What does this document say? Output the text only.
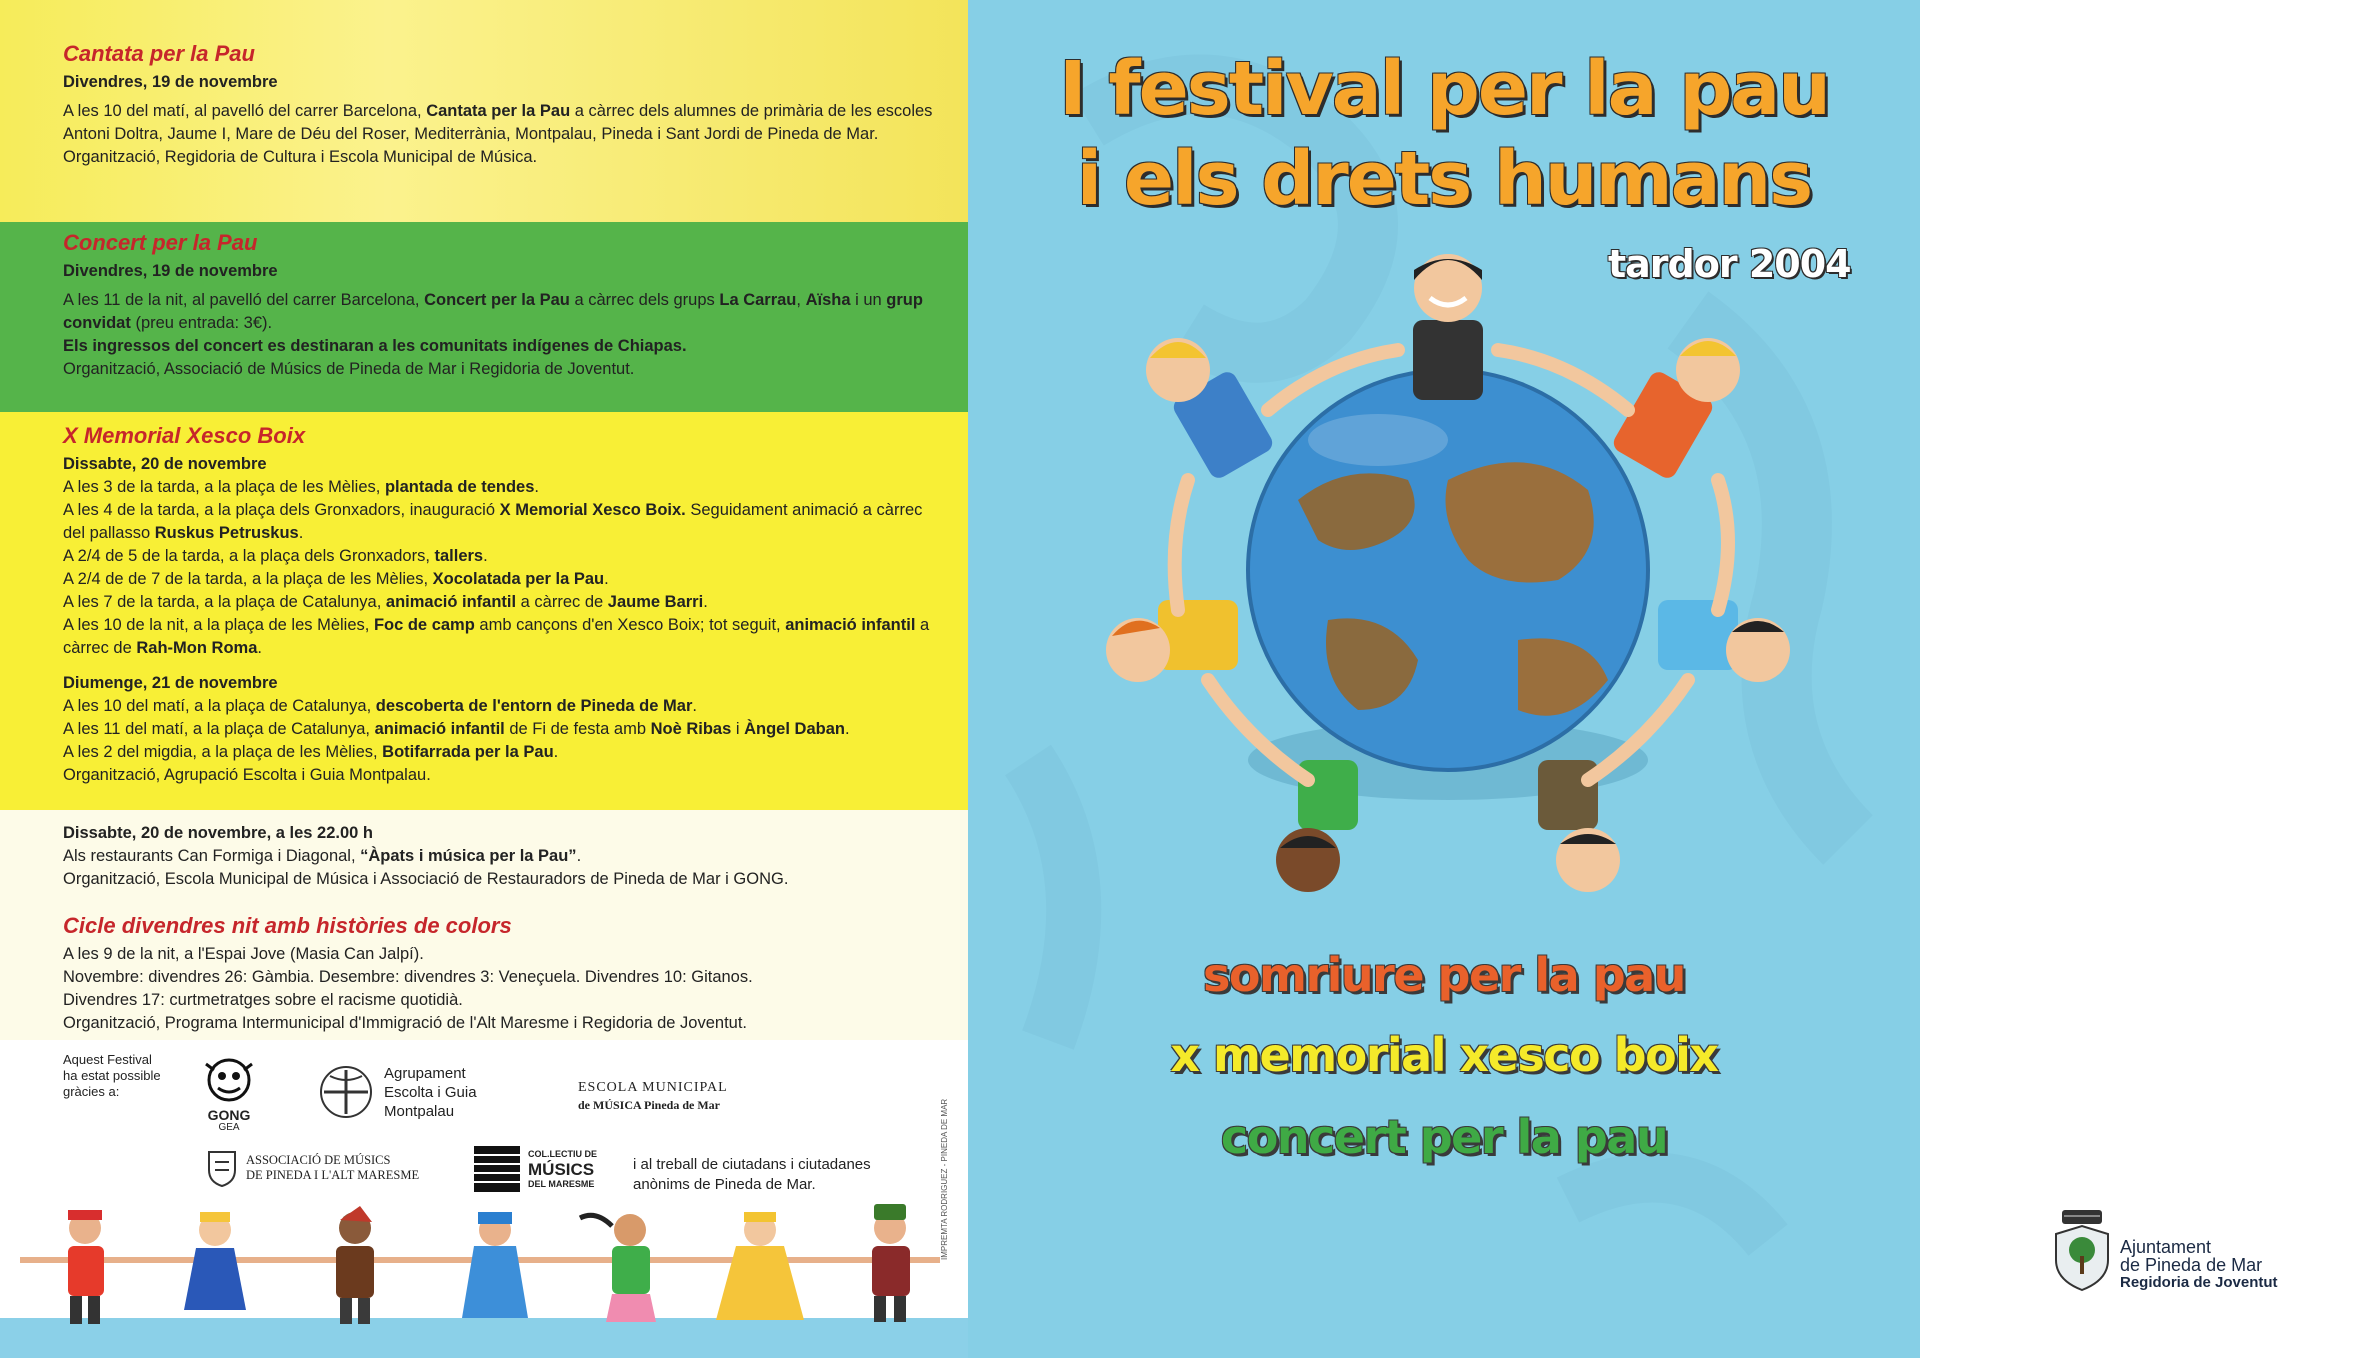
Cantata per la Pau

Divendres, 19 de novembre

A les 10 del matí, al pavelló del carrer Barcelona, Cantata per la Pau a càrrec dels alumnes de primària de les escoles Antoni Doltra, Jaume I, Mare de Déu del Roser, Mediterrània, Montpalau, Pineda i Sant Jordi de Pineda de Mar.

Organització, Regidoria de Cultura i Escola Municipal de Música.

Concert per la Pau

Divendres, 19 de novembre

A les 11 de la nit, al pavelló del carrer Barcelona, Concert per la Pau a càrrec dels grups La Carrau, Aïsha i un grup convidat (preu entrada: 3€).

Els ingressos del concert es destinaran a les comunitats indígenes de Chiapas.

Organització, Associació de Músics de Pineda de Mar i Regidoria de Joventut.

X Memorial Xesco Boix

Dissabte, 20 de novembre

A les 3 de la tarda, a la plaça de les Mèlies, plantada de tendes.

A les 4 de la tarda, a la plaça dels Gronxadors, inauguració X Memorial Xesco Boix. Seguidament animació a càrrec del pallasso Ruskus Petruskus.

A 2/4 de 5 de la tarda, a la plaça dels Gronxadors, tallers.

A 2/4 de de 7 de la tarda, a la plaça de les Mèlies, Xocolatada per la Pau.

A les 7 de la tarda, a la plaça de Catalunya, animació infantil a càrrec de Jaume Barri.

A les 10 de la nit, a la plaça de les Mèlies, Foc de camp amb cançons d'en Xesco Boix; tot seguit, animació infantil a càrrec de Rah-Mon Roma.

Diumenge, 21 de novembre

A les 10 del matí, a la plaça de Catalunya, descoberta de l'entorn de Pineda de Mar.

A les 11 del matí, a la plaça de Catalunya, animació infantil de Fi de festa amb Noè Ribas i Àngel Daban.

A les 2 del migdia, a la plaça de les Mèlies, Botifarrada per la Pau.

Organització, Agrupació Escolta i Guia Montpalau.

Dissabte, 20 de novembre, a les 22.00 h

Als restaurants Can Formiga i Diagonal, “Àpats i música per la Pau”.

Organització, Escola Municipal de Música i Associació de Restauradors de Pineda de Mar i GONG.

Cicle divendres nit amb històries de colors

A les 9 de la nit, a l'Espai Jove (Masia Can Jalpí).

Novembre: divendres 26: Gàmbia. Desembre: divendres 3: Veneçuela. Divendres 10: Gitanos.

Divendres 17: curtmetratges sobre el racisme quotidià.

Organització, Programa Intermunicipal d'Immigració de l'Alt Maresme i Regidoria de Joventut.

Aquest Festival
ha estat possible
gràcies a:
GONG
GEA
Agrupament
Escolta i Guia
Montpalau
ESCOLA MUNICIPAL
de MÚSICA Pineda de Mar
ASSOCIACIÓ DE MÚSICS
DE PINEDA I L'ALT MARESME
COL.LECTIU DE
MÚSICS
DEL MARESME
i al treball de ciutadans i ciutadanes
anònims de Pineda de Mar.	IMPREMTA RODRIGUEZ - PINEDA DE MAR
I festival per la pau
i els drets humans
tardor 2004
somriure per la pau
x memorial xesco boix
concert per la pau
Ajuntament
de Pineda de Mar
Regidoria de Joventut
